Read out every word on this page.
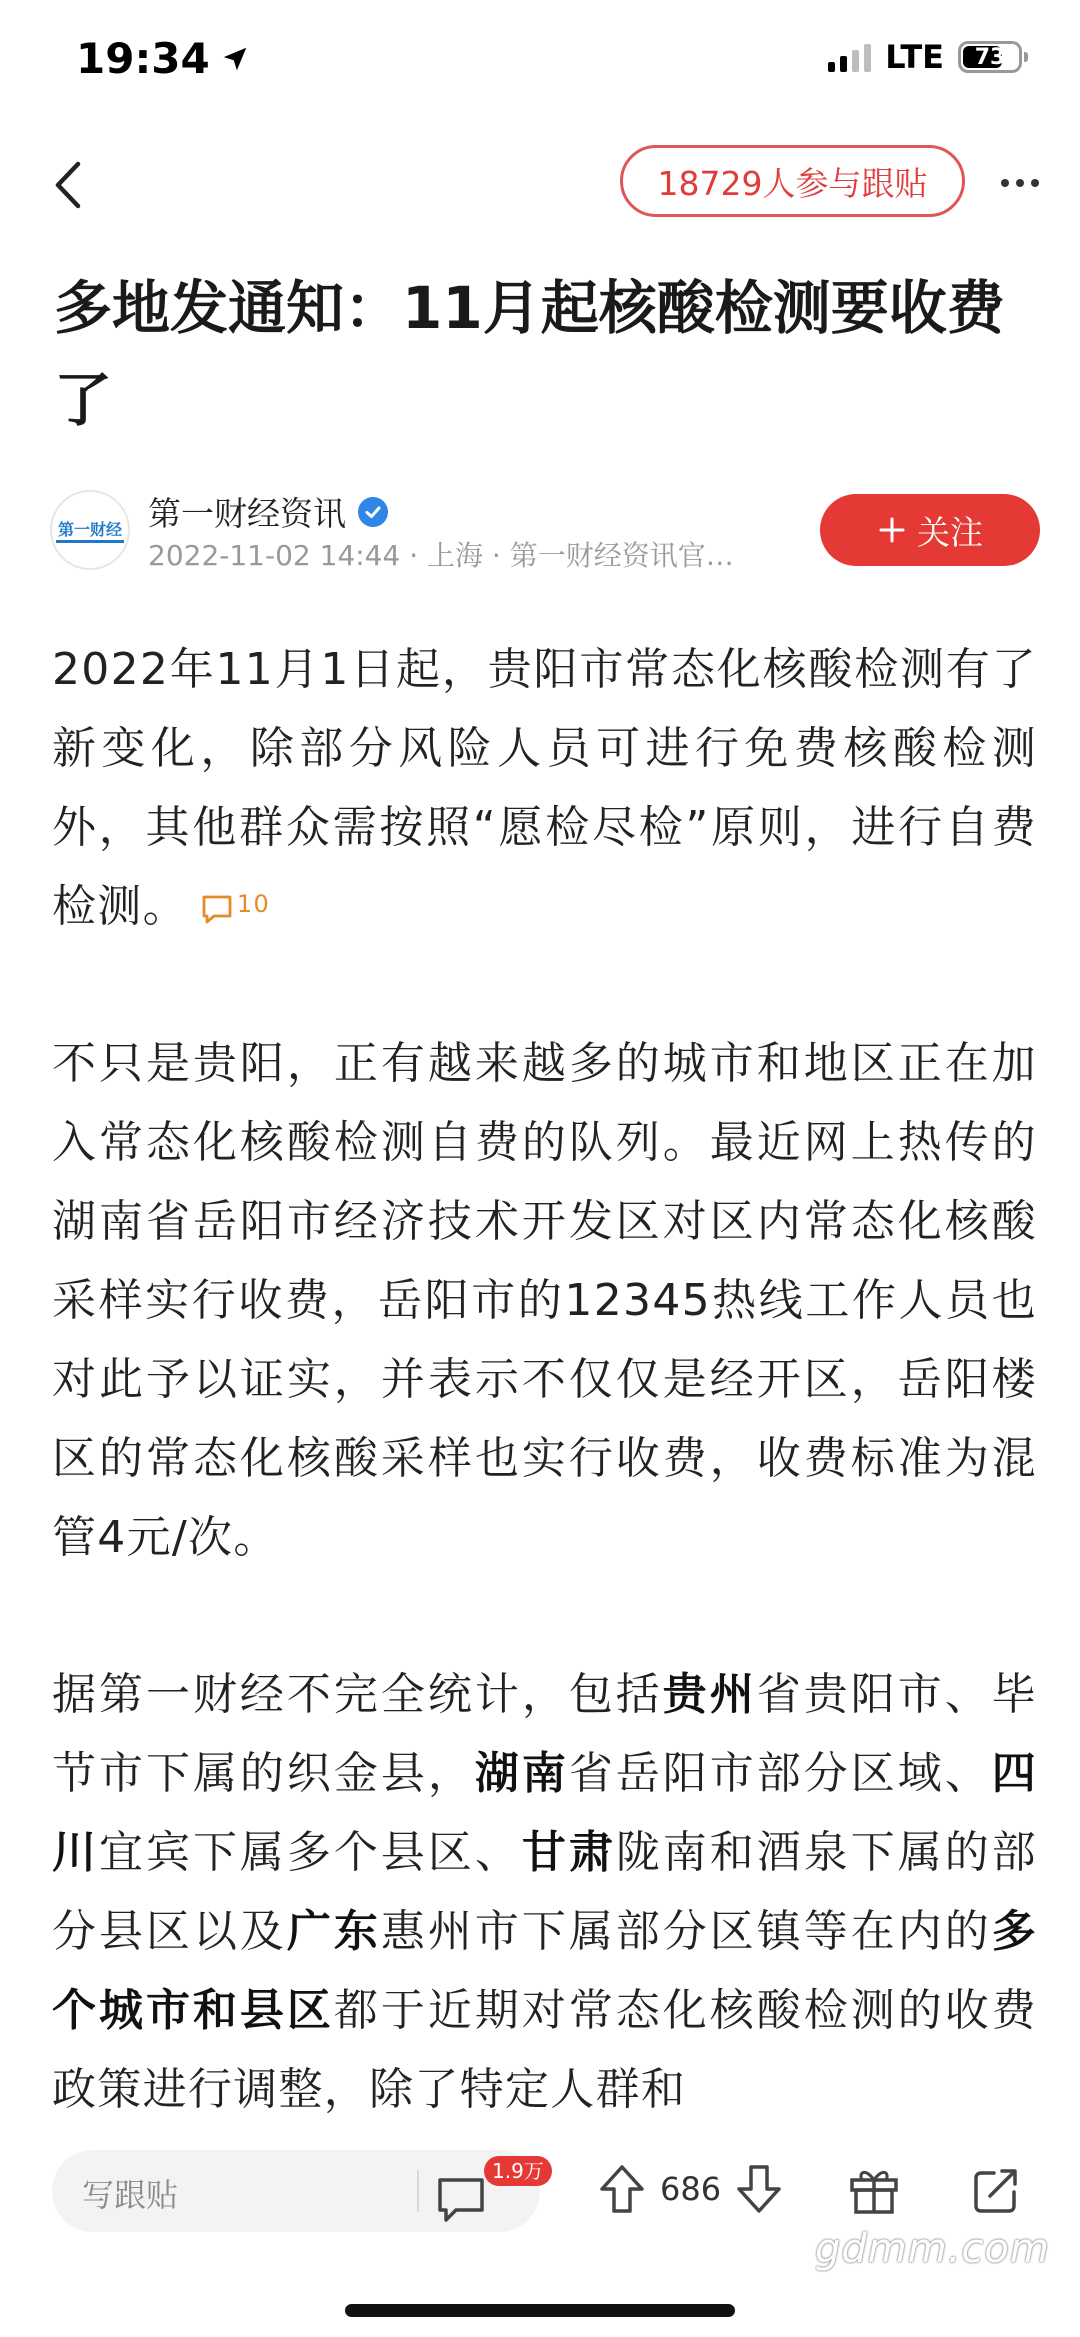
19:34	LTE 73
18729人参与跟贴
多地发通知：11月起核酸检测要收费了
第一财经 第一财经资讯
2022-11-02 14:44 · 上海 · 第一财经资讯官…
关注

2022年11月1日起，贵阳市常态化核酸检测有了新变化，除部分风险人员可进行免费核酸检测外，其他群众需按照“愿检尽检”原则，进行自费检测。 10

不只是贵阳，正有越来越多的城市和地区正在加入常态化核酸检测自费的队列。最近网上热传的湖南省岳阳市经济技术开发区对区内常态化核酸采样实行收费，岳阳市的12345热线工作人员也对此予以证实，并表示不仅仅是经开区，岳阳楼区的常态化核酸采样也实行收费，收费标准为混管4元/次。

据第一财经不完全统计，包括贵州省贵阳市、毕节市下属的织金县，湖南省岳阳市部分区域、四川宜宾下属多个县区、甘肃陇南和酒泉下属的部分县区以及广东惠州市下属部分区镇等在内的多个城市和县区都于近期对常态化核酸检测的收费政策进行调整，除了特定人群和

写跟贴
1.9万	686
gdmm.com
